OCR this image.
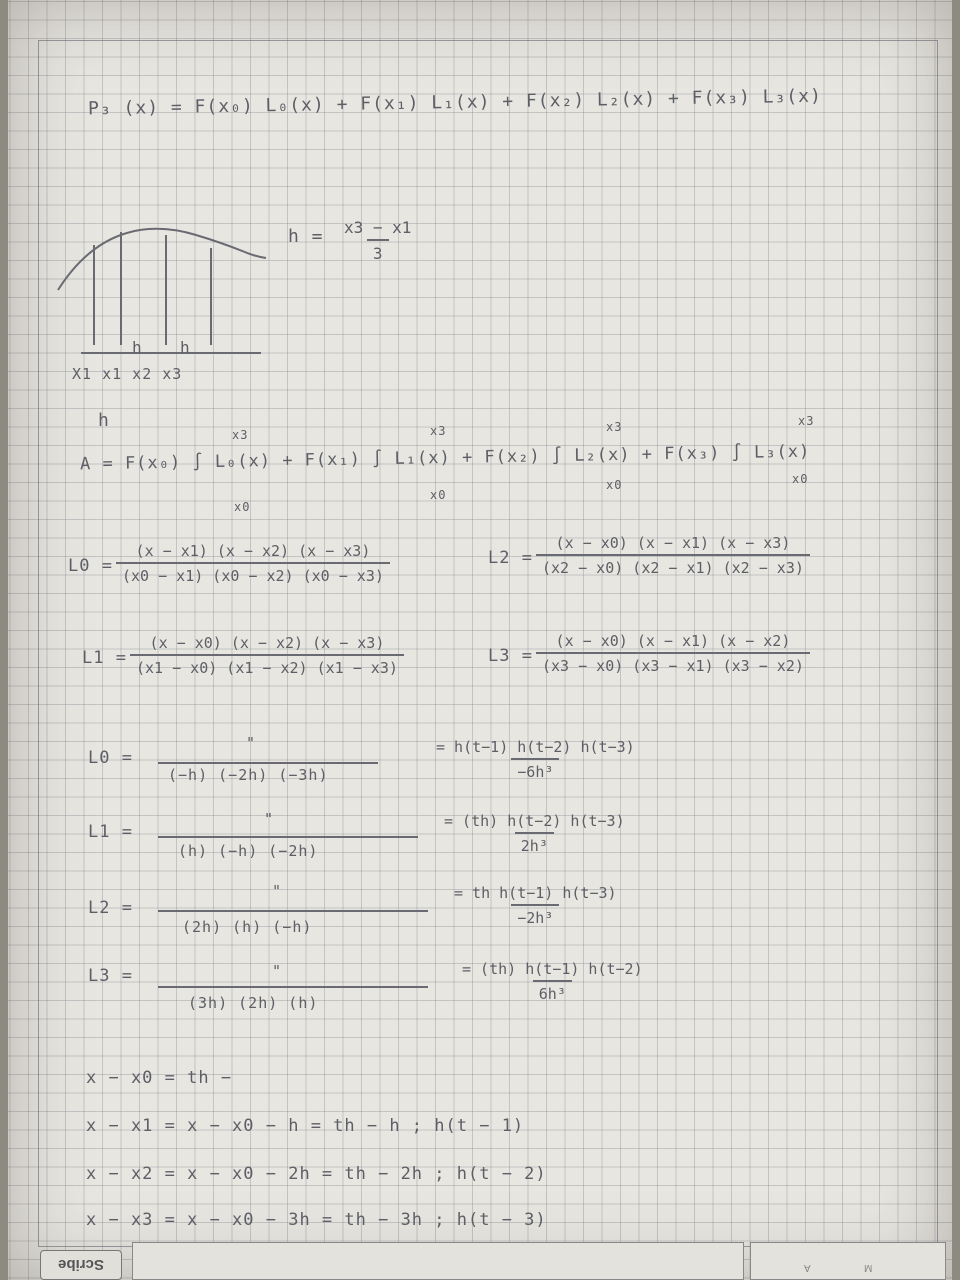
P₃ (x) = F(x₀) L₀(x) + F(x₁) L₁(x) + F(x₂) L₂(x) + F(x₃) L₃(x)
h h
X1 x1 x2 x3
$h = \frac{x3 - x1}{3}$
h
x3
x0
x3
x0
x3
x0
x3
x0
A = F(x₀) ∫ L₀(x) + F(x₁) ∫ L₁(x) + F(x₂) ∫ L₂(x) + F(x₃) ∫ L₃(x)
$L0 = \frac{(x - x1) (x - x2) (x - x3)}{(x0 - x1) (x0 - x2) (x0 - x3)}$	$L2 = \frac{(x - x0) (x - x1) (x - x3)}{(x2 - x0) (x2 - x1) (x2 - x3)}$
$L1 = \frac{(x - x0) (x - x2) (x - x3)}{(x1 - x0) (x1 - x2) (x1 - x3)}$	$L3 = \frac{(x - x0) (x - x1) (x - x2)}{(x3 - x0) (x3 - x1) (x3 - x2)}$
L0 =
"
(−h) (−2h) (−3h)	$\frac{= h(t-1) h(t-2) h(t-3)}{\text{−6h³}}$
L1 =
"
(h) (−h) (−2h)	$\frac{= (th) h(t-2) h(t-3)}{\text{2h³}}$
L2 =
"
(2h) (h) (−h)	$\frac{\text{= th h(t−1) h(t−3)}}{\text{−2h³}}$
L3 =	"
(3h) (2h) (h)	$\frac{= (th) h(t-1) h(t-2)}{\text{6h³}}$
x − x0 = th −
x − x1 = x − x0 − h = th − h ; h(t − 1)
x − x2 = x − x0 − 2h = th − 2h ; h(t − 2)
x − x3 = x − x0 − 3h = th − 3h ; h(t − 3)
Scribe	A	M
